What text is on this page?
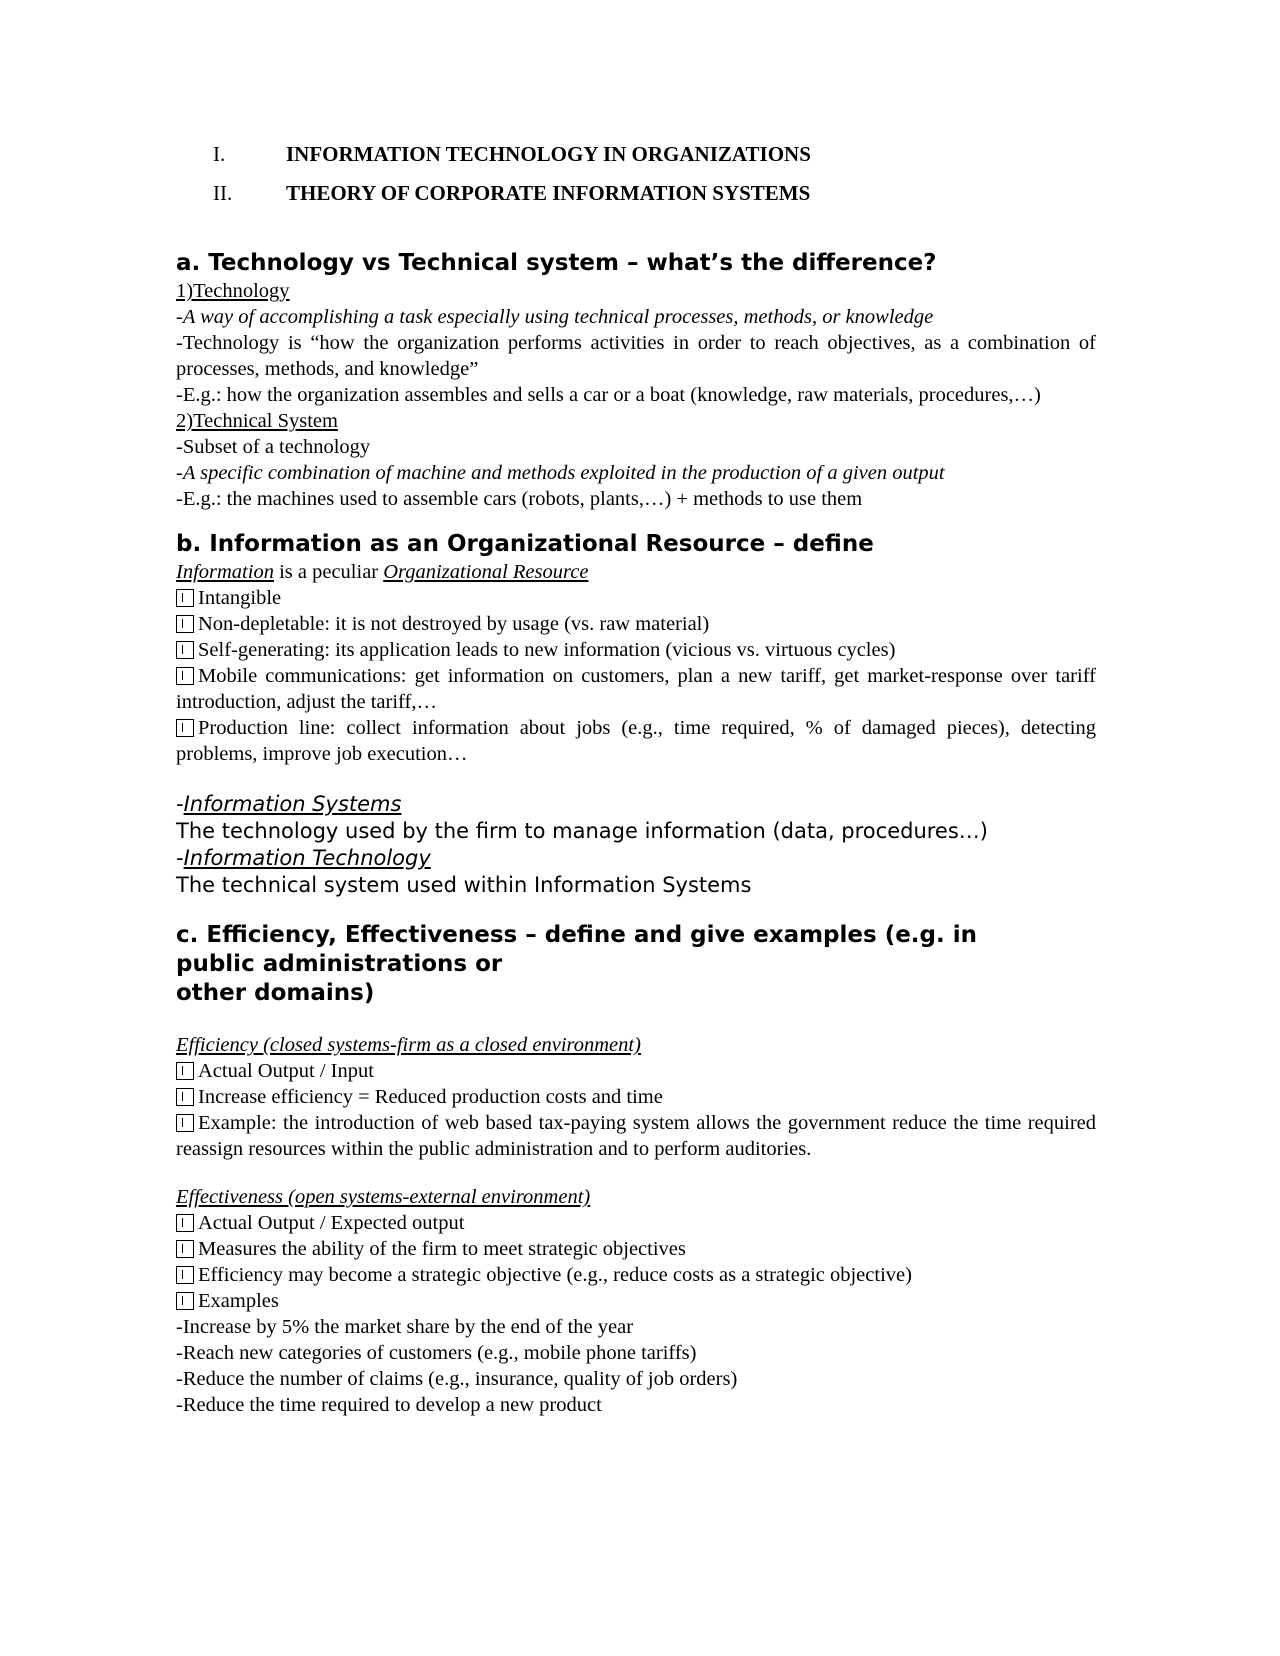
I.	INFORMATION TECHNOLOGY IN ORGANIZATIONS
II.	THEORY OF CORPORATE INFORMATION SYSTEMS
a. Technology vs Technical system – what’s the difference?

1)Technology

-A way of accomplishing a task especially using technical processes, methods, or knowledge

-Technology is “how the organization performs activities in order to reach objectives, as a combination of processes, methods, and knowledge”

-E.g.: how the organization assembles and sells a car or a boat (knowledge, raw materials, procedures,…)

2)Technical System

-Subset of a technology

-A specific combination of machine and methods exploited in the production of a given output

-E.g.: the machines used to assemble cars (robots, plants,…) + methods to use them

b. Information as an Organizational Resource – define

Information is a peculiar Organizational Resource

Intangible

Non-depletable: it is not destroyed by usage (vs. raw material)

Self-generating: its application leads to new information (vicious vs. virtuous cycles)

Mobile communications: get information on customers, plan a new tariff, get market-response over tariff introduction, adjust the tariff,…

Production line: collect information about jobs (e.g., time required, % of damaged pieces), detecting problems, improve job execution…

-Information Systems

The technology used by the firm to manage information (data, procedures…)

-Information Technology

The technical system used within Information Systems

c. Efficiency, Effectiveness – define and give examples (e.g. in
public administrations or
other domains)

Efficiency (closed systems-firm as a closed environment)

Actual Output / Input

Increase efficiency = Reduced production costs and time

Example: the introduction of web based tax-paying system allows the government reduce the time required reassign resources within the public administration and to perform auditories.

Effectiveness (open systems-external environment)

Actual Output / Expected output

Measures the ability of the firm to meet strategic objectives

Efficiency may become a strategic objective (e.g., reduce costs as a strategic objective)

Examples

-Increase by 5% the market share by the end of the year

-Reach new categories of customers (e.g., mobile phone tariffs)

-Reduce the number of claims (e.g., insurance, quality of job orders)

-Reduce the time required to develop a new product
